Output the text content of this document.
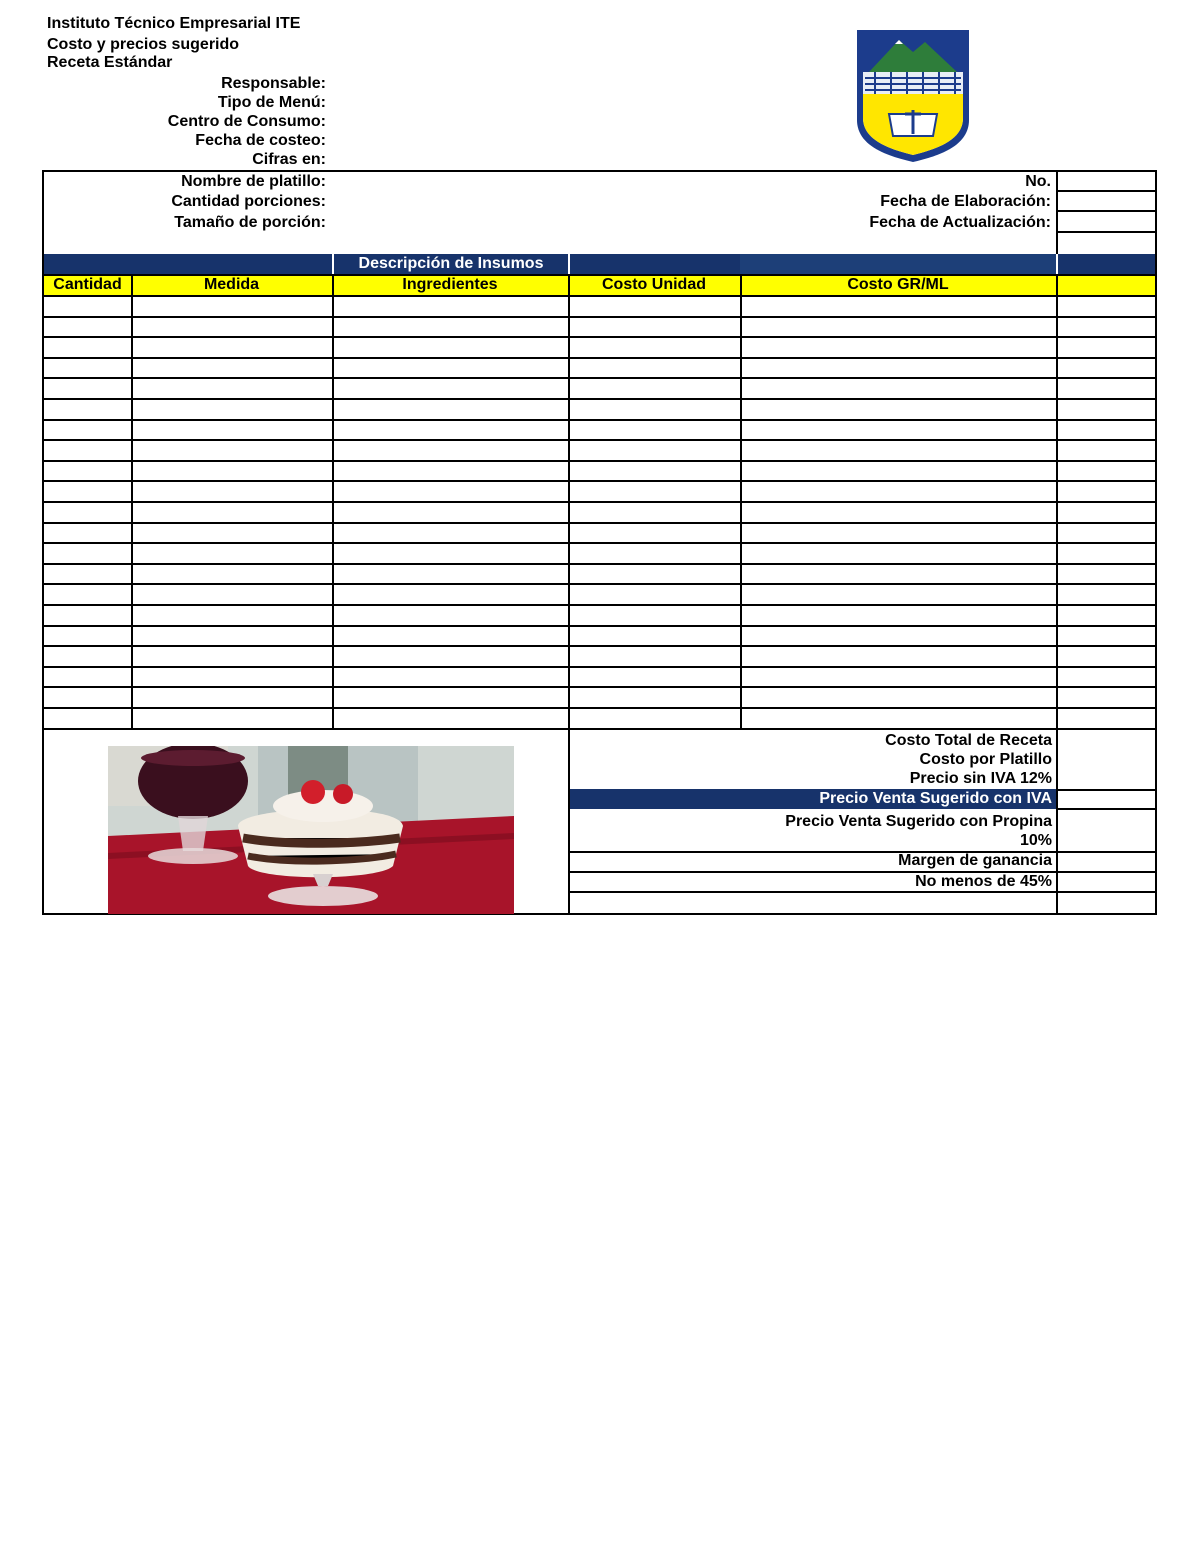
Instituto Técnico Empresarial ITE
Costo y precios sugerido
Receta Estándar
Responsable:
Tipo de Menú:
Centro de Consumo:
Fecha de costeo:
Cifras en:
Nombre de platillo:
Cantidad porciones:
Tamaño de porción:
No.
Fecha de Elaboración:
Fecha de Actualización:
Descripción de Insumos
Cantidad	Medida	Ingredientes	Costo Unidad	Costo GR/ML
Costo Total de Receta
Costo por Platillo
Precio sin IVA 12%
Precio Venta Sugerido con IVA
Precio Venta Sugerido con Propina
10%
Margen de ganancia
No menos de 45%
